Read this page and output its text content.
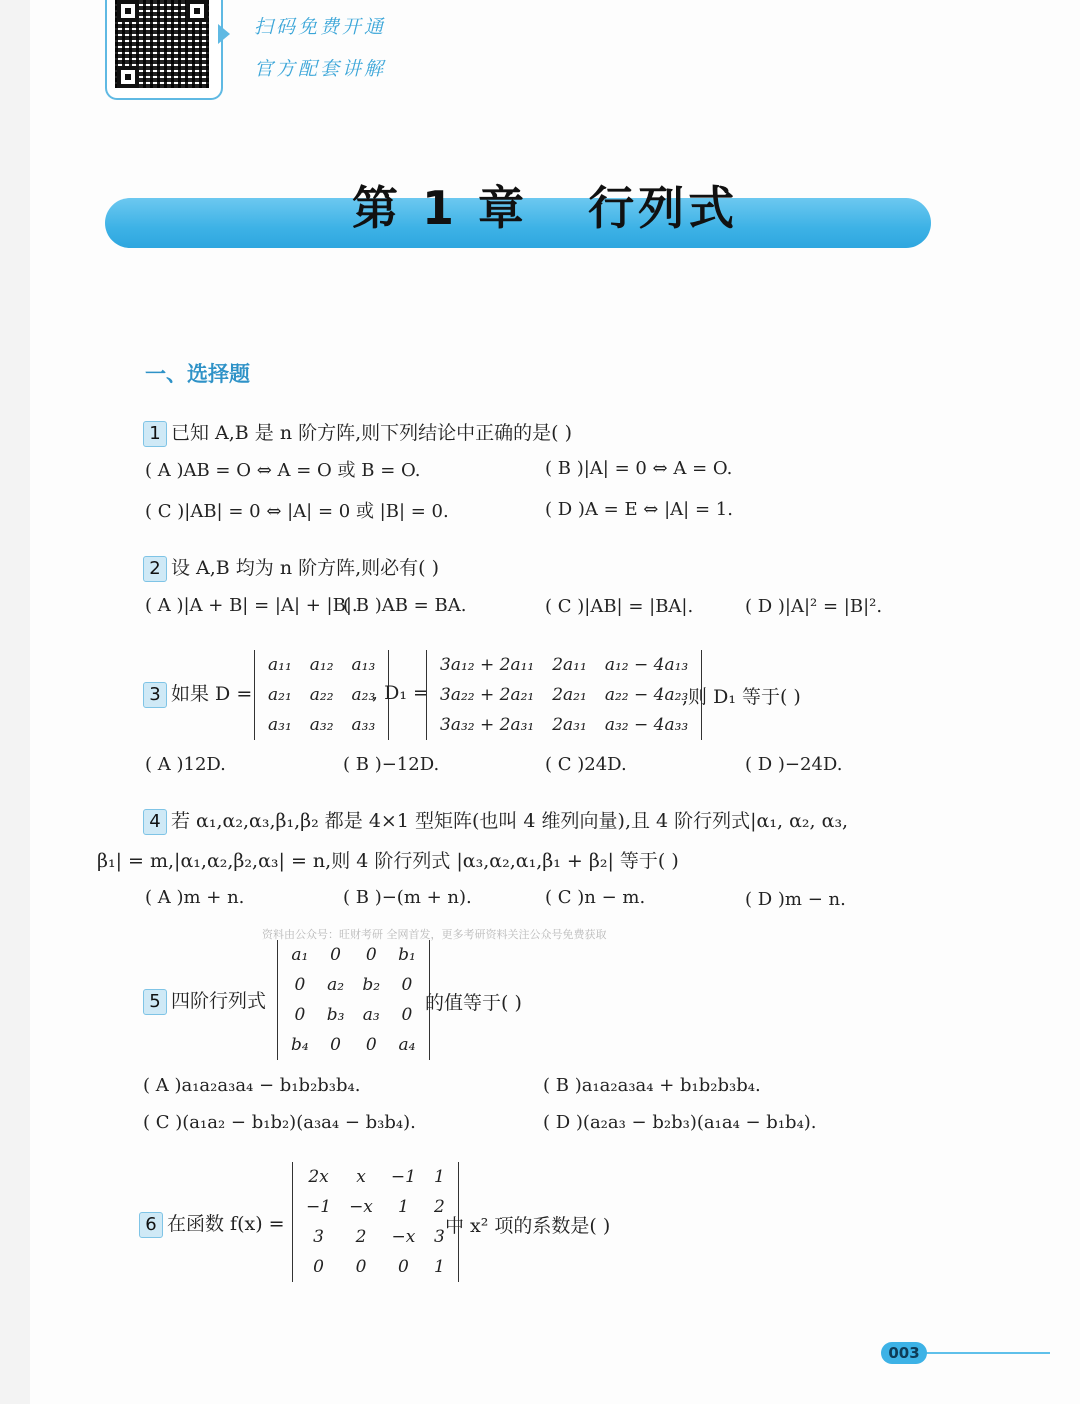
扫码免费开通
官方配套讲解
第 1 章   行列式
一、选择题
1 已知 A,B 是 n 阶方阵,则下列结论中正确的是( )
( A )AB = O ⇔ A = O 或 B = O.	( B )|A| = 0 ⇔ A = O.
( C )|AB| = 0 ⇔ |A| = 0 或 |B| = 0.	( D )A = E ⇔ |A| = 1.
2 设 A,B 均为 n 阶方阵,则必有( )
( A )|A + B| = |A| + |B|.
( B )AB = BA.	( C )|AB| = |BA|.	( D )|A|² = |B|².
3 如果 D =
a₁₁	a₁₂	a₁₃
a₂₁	a₂₂	a₂₃
a₃₁	a₃₂	a₃₃
, D₁ =
3a₁₂ + 2a₁₁	2a₁₁	a₁₂ − 4a₁₃
3a₂₂ + 2a₂₁	2a₂₁	a₂₂ − 4a₂₃
3a₃₂ + 2a₃₁	2a₃₁	a₃₂ − 4a₃₃
,则 D₁ 等于( )
( A )12D.	( B )−12D.	( C )24D.	( D )−24D.
4 若 α₁,α₂,α₃,β₁,β₂ 都是 4×1 型矩阵(也叫 4 维列向量),且 4 阶行列式|α₁, α₂, α₃,
β₁| = m,|α₁,α₂,β₂,α₃| = n,则 4 阶行列式 |α₃,α₂,α₁,β₁ + β₂| 等于( )
( A )m + n.	( B )−(m + n).	( C )n − m.	( D )m − n.
资料由公众号：旺财考研 全网首发，更多考研资料关注公众号免费获取
5 四阶行列式
a₁	0	0	b₁
0	a₂	b₂	0
0	b₃	a₃	0
b₄	0	0	a₄
的值等于( )
( A )a₁a₂a₃a₄ − b₁b₂b₃b₄.	( B )a₁a₂a₃a₄ + b₁b₂b₃b₄.
( C )(a₁a₂ − b₁b₂)(a₃a₄ − b₃b₄).	( D )(a₂a₃ − b₂b₃)(a₁a₄ − b₁b₄).
6 在函数 f(x) =
2x	x	−1	1
−1	−x	1	2
3	2	−x	3
0	0	0	1
中 x² 项的系数是( )
003
